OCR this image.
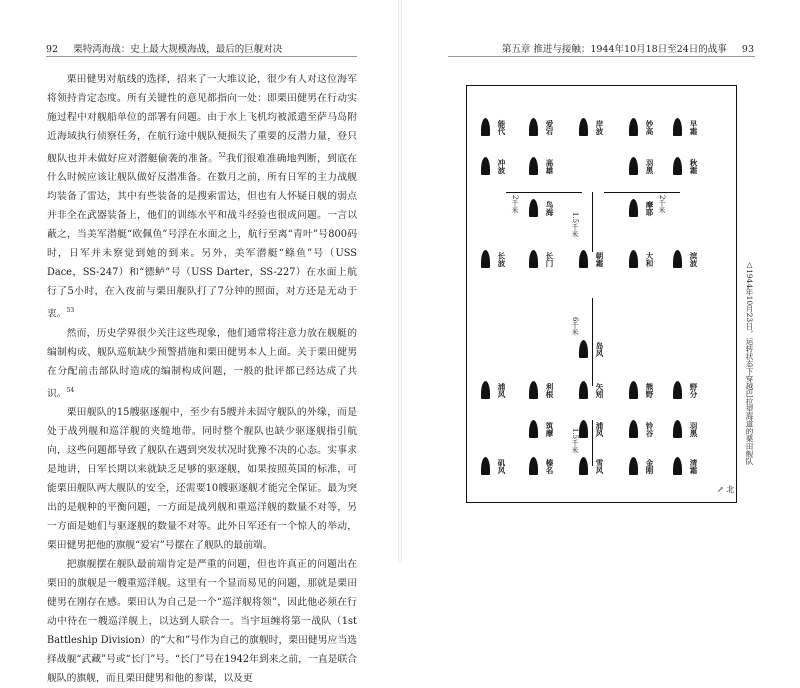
92 栗特湾海战：史上最大规模海战，最后的巨舰对决

栗田健男对航线的选择，招来了一大堆议论，很少有人对这位海军将领持肯定态度。所有关键性的意见都指向一处：即栗田健男在行动实施过程中对舰船单位的部署有问题。由于水上飞机均被派遣至萨马岛附近海域执行侦察任务，在航行途中舰队便损失了重要的反潜力量，登只舰队也并未做好应对潜艇偷袭的准备。$^{52}$我们很难准确地判断，到底在什么时候应该让舰队做好反潜准备。在数月之前，所有日军的主力战舰均装备了雷达，其中有些装备的是搜索雷达，但也有人怀疑日舰的弱点并非全在武器装备上，他们的训练水平和战斗经验也很成问题。一言以蔽之，当美军潜艇“欧佩鱼”号浮在水面之上，航行至离“青叶”号800码时，日军并未察觉到她的到来。另外，美军潜艇“鲦鱼”号（USS Dace，SS-247）和“镖鲈”号（USS Darter，SS-227）在水面上航行了5小时，在入夜前与栗田舰队打了7分钟的照面，对方还是无动于衷。$^{53}$

然而，历史学界很少关注这些现象，他们通常将注意力放在舰艇的编制构成、舰队巡航缺少预警措施和栗田健男本人上面。关于栗田健男在分配前击部队时造成的编制构成问题，一般的批评都已经达成了共识。$^{54}$

栗田舰队的15艘驱逐舰中，至少有5艘并未固守舰队的外缘，而是处于战列舰和巡洋舰的夹缝地带。同时整个舰队也缺少驱逐舰指引航向，这些问题都导致了舰队在遇到突发状况时犹豫不决的心态。实事求是地讲，日军长期以来就缺乏足够的驱逐舰，如果按照英国的标准，可能栗田舰队两大舰队的安全，还需要10艘驱逐舰才能完全保证。最为突出的是舰种的平衡问题，一方面是战列舰和重巡洋舰的数量不对等，另一方面是她们与驱逐舰的数量不对等。此外日军还有一个惊人的举动，栗田健男把他的旗舰“爱宕”号摆在了舰队的最前端。

把旗舰摆在舰队最前端肯定是严重的问题，但也许真正的问题出在栗田的旗舰是一艘重巡洋舰。这里有一个显而易见的问题，那就是栗田健男在刚存在感。栗田认为自己是一个“巡洋舰将领”，因此他必须在行动中待在一艘巡洋舰上，以达到人联合一。当宇垣缠将第一战队（1st Battleship Division）的“大和”号作为自己的旗舰时，栗田健男应当选择战舰“武藏”号或“长门”号。“长门”号在1942年到来之前，一直是联合舰队的旗舰，而且栗田健男和他的参谋，以及更

第五章 推进与接触：1944年10月18日至24日的战事 93
能代	爱宕	岸波	妙高	早霜
冲波	高雄	羽黑	秋霜
鸟海	摩耶
长波	长门	朝霜	大和	滨波
岛风
浦风	利根	矢矧	熊野	野分
筑摩	浦风	铃谷	羽黑
矶风	榛名	雪风	金刚	清霜
2千米	2千米
1.5千米
6千米
1.5千米
↗ 北
△1944年10月23日，运转状态下穿越巴拉望海道的栗田舰队
